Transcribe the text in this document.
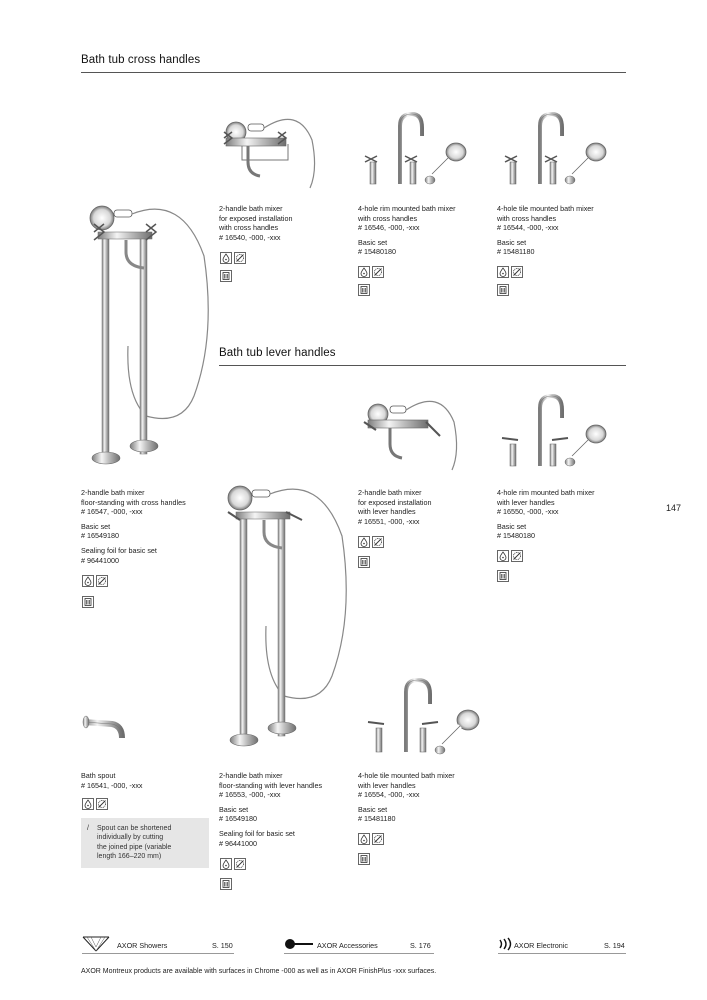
Bath tub cross handles
Bath tub lever handles

2-handle bath mixer

for exposed installation

with cross handles

# 16540, -000, -xxx

4-hole rim mounted bath mixer

with cross handles

# 16546, -000, -xxx

Basic set

# 15480180

4-hole tile mounted bath mixer

with cross handles

# 16544, -000, -xxx

Basic set

# 15481180

2-handle bath mixer

floor-standing with cross handles

# 16547, -000, -xxx

Basic set

# 16549180

Sealing foil for basic set

# 96441000

2-handle bath mixer

for exposed installation

with lever handles

# 16551, -000, -xxx

4-hole rim mounted bath mixer

with lever handles

# 16550, -000, -xxx

Basic set

# 15480180

147

Bath spout

# 16541, -000, -xxx

/ Spout can be shortened
individually by cutting
the joined pipe (variable
length 166–220 mm)

2-handle bath mixer

floor-standing with lever handles

# 16553, -000, -xxx

Basic set

# 16549180

Sealing foil for basic set

# 96441000

4-hole tile mounted bath mixer

with lever handles

# 16554, -000, -xxx

Basic set

# 15481180

AXOR Showers	S. 150	AXOR Accessories	S. 176	AXOR Electronic	S. 194
AXOR Montreux products are available with surfaces in Chrome -000 as well as in AXOR FinishPlus -xxx surfaces.
